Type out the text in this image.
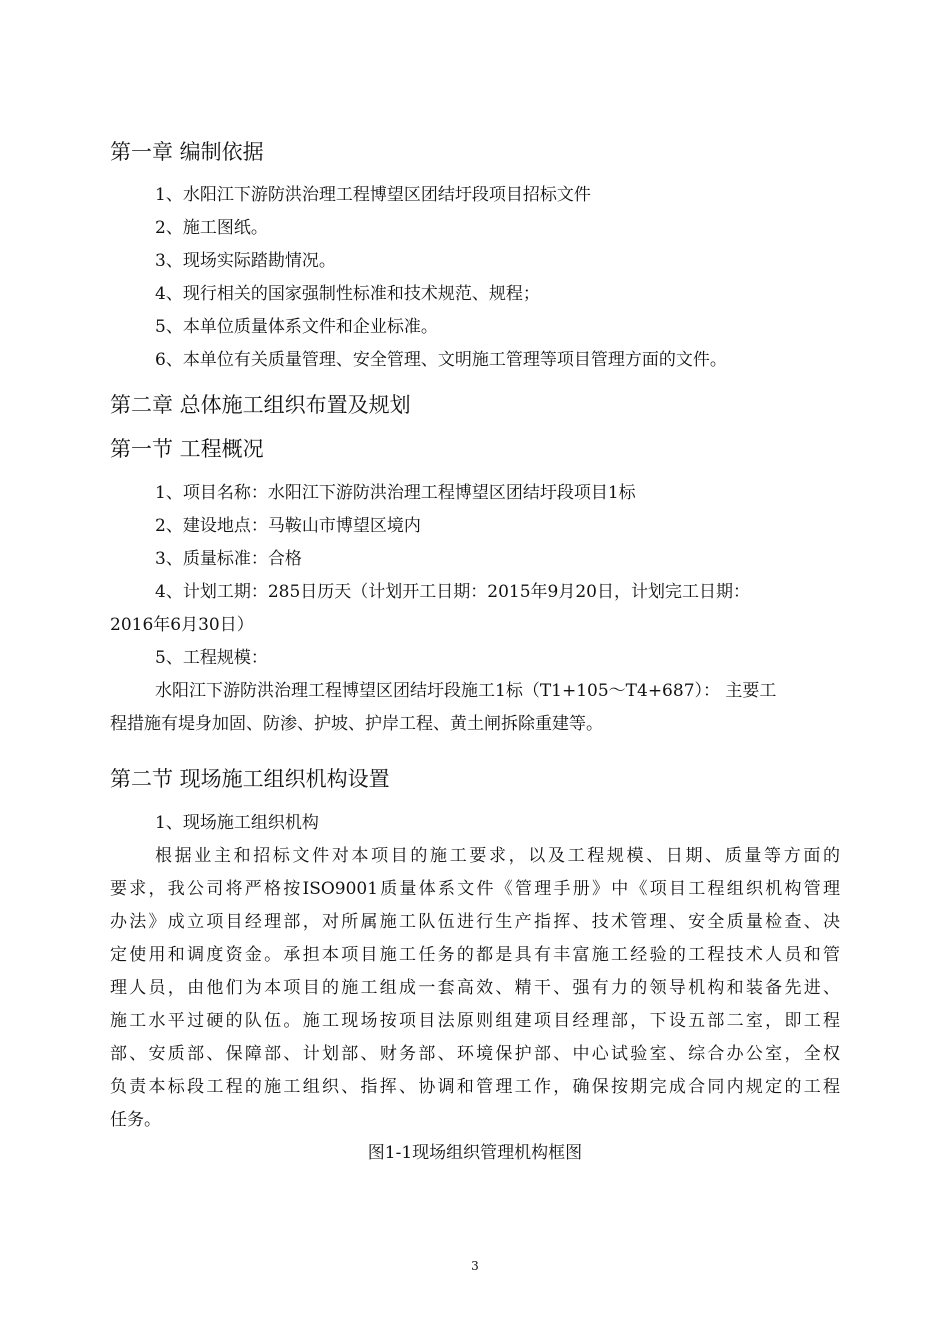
第一章 编制依据
1、水阳江下游防洪治理工程博望区团结圩段项目招标文件
2、施工图纸。
3、现场实际踏勘情况。
4、现行相关的国家强制性标准和技术规范、规程；
5、本单位质量体系文件和企业标准。
6、本单位有关质量管理、安全管理、文明施工管理等项目管理方面的文件。
第二章 总体施工组织布置及规划
第一节 工程概况
1、项目名称：水阳江下游防洪治理工程博望区团结圩段项目1标
2、建设地点：马鞍山市博望区境内
3、质量标准：合格
4、计划工期：285日历天（计划开工日期：2015年9月20日，计划完工日期：
2016年6月30日）
5、工程规模：
水阳江下游防洪治理工程博望区团结圩段施工1标（T1+105～T4+687）： 主要工
程措施有堤身加固、防渗、护坡、护岸工程、黄土闸拆除重建等。
第二节 现场施工组织机构设置
1、现场施工组织机构
根据业主和招标文件对本项目的施工要求，以及工程规模、日期、质量等方面的
要求，我公司将严格按ISO9001质量体系文件《管理手册》中《项目工程组织机构管理
办法》成立项目经理部，对所属施工队伍进行生产指挥、技术管理、安全质量检查、决
定使用和调度资金。承担本项目施工任务的都是具有丰富施工经验的工程技术人员和管
理人员，由他们为本项目的施工组成一套高效、精干、强有力的领导机构和装备先进、
施工水平过硬的队伍。施工现场按项目法原则组建项目经理部，下设五部二室，即工程
部、安质部、保障部、计划部、财务部、环境保护部、中心试验室、综合办公室，全权
负责本标段工程的施工组织、指挥、协调和管理工作，确保按期完成合同内规定的工程
任务。
图1-1现场组织管理机构框图
3
